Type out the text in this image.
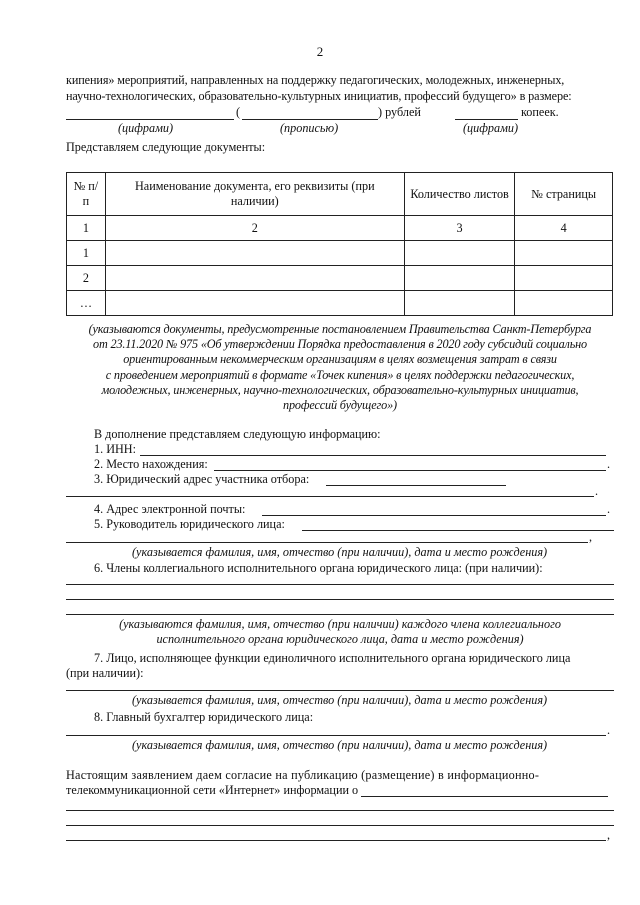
2
кипения» мероприятий, направленных на поддержку педагогических, молодежных, инженерных,
научно-технологических, образовательно-культурных инициатив, профессий будущего» в размере:
(	) рублей	копеек.
(цифрами)	(прописью)	(цифрами)
Представляем следующие документы:
№ п/п	Наименование документа, его реквизиты (при наличии)	Количество листов	№ страницы
1	2	3	4
1			
2			
…			
(указываются документы, предусмотренные постановлением Правительства Санкт-Петербурга
от 23.11.2020 № 975 «Об утверждении Порядка предоставления в 2020 году субсидий социально
ориентированным некоммерческим организациям в целях возмещения затрат в связи
с проведением мероприятий в формате «Точек кипения» в целях поддержки педагогических,
молодежных, инженерных, научно-технологических, образовательно-культурных инициатив,
профессий будущего»)
В дополнение представляем следующую информацию:
1. ИНН:
2. Место нахождения:	.
3. Юридический адрес участника отбора:
.
4. Адрес электронной почты:	.
5. Руководитель юридического лица:
,
(указывается фамилия, имя, отчество (при наличии), дата и место рождения)
6. Члены коллегиального исполнительного органа юридического лица: (при наличии):
(указываются фамилия, имя, отчество (при наличии) каждого члена коллегиального
исполнительного органа юридического лица, дата и место рождения)
7. Лицо, исполняющее функции единоличного исполнительного органа юридического лица
(при наличии):
(указывается фамилия, имя, отчество (при наличии), дата и место рождения)
8. Главный бухгалтер юридического лица:
.
(указывается фамилия, имя, отчество (при наличии), дата и место рождения)
Настоящим заявлением даем согласие на публикацию (размещение) в информационно-
телекоммуникационной сети «Интернет» информации о
,
